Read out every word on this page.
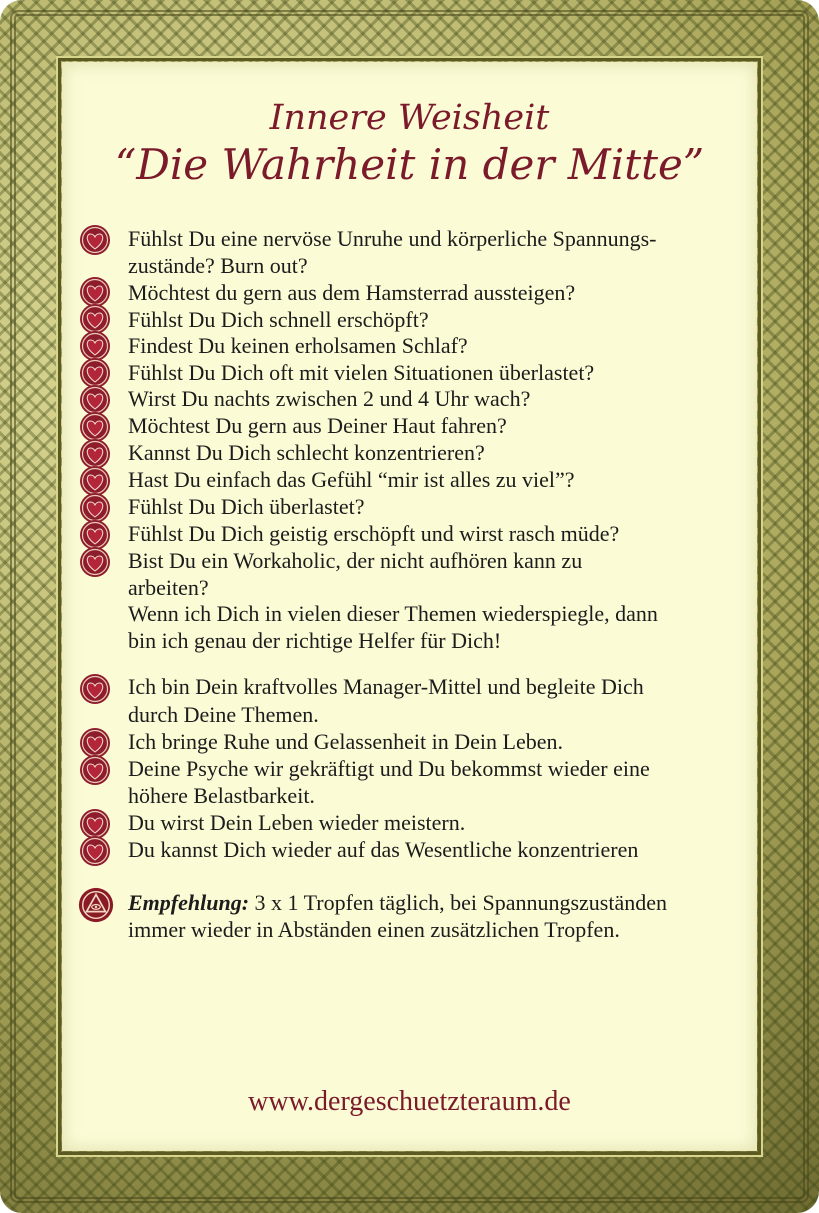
Innere Weisheit
“Die Wahrheit in der Mitte”
Fühlst Du eine nervöse Unruhe und körperliche Spannungs-
zustände? Burn out?
Möchtest du gern aus dem Hamsterrad aussteigen?
Fühlst Du Dich schnell erschöpft?
Findest Du keinen erholsamen Schlaf?
Fühlst Du Dich oft mit vielen Situationen überlastet?
Wirst Du nachts zwischen 2 und 4 Uhr wach?
Möchtest Du gern aus Deiner Haut fahren?
Kannst Du Dich schlecht konzentrieren?
Hast Du einfach das Gefühl “mir ist alles zu viel”?
Fühlst Du Dich überlastet?
Fühlst Du Dich geistig erschöpft und wirst rasch müde?
Bist Du ein Workaholic, der nicht aufhören kann zu
arbeiten?
Wenn ich Dich in vielen dieser Themen wiederspiegle, dann
bin ich genau der richtige Helfer für Dich!
Ich bin Dein kraftvolles Manager-Mittel und begleite Dich
durch Deine Themen.
Ich bringe Ruhe und Gelassenheit in Dein Leben.
Deine Psyche wir gekräftigt und Du bekommst wieder eine
höhere Belastbarkeit.
Du wirst Dein Leben wieder meistern.
Du kannst Dich wieder auf das Wesentliche konzentrieren
Empfehlung: 3 x 1 Tropfen täglich, bei Spannungszuständen
immer wieder in Abständen einen zusätzlichen Tropfen.
www.dergeschuetzteraum.de
